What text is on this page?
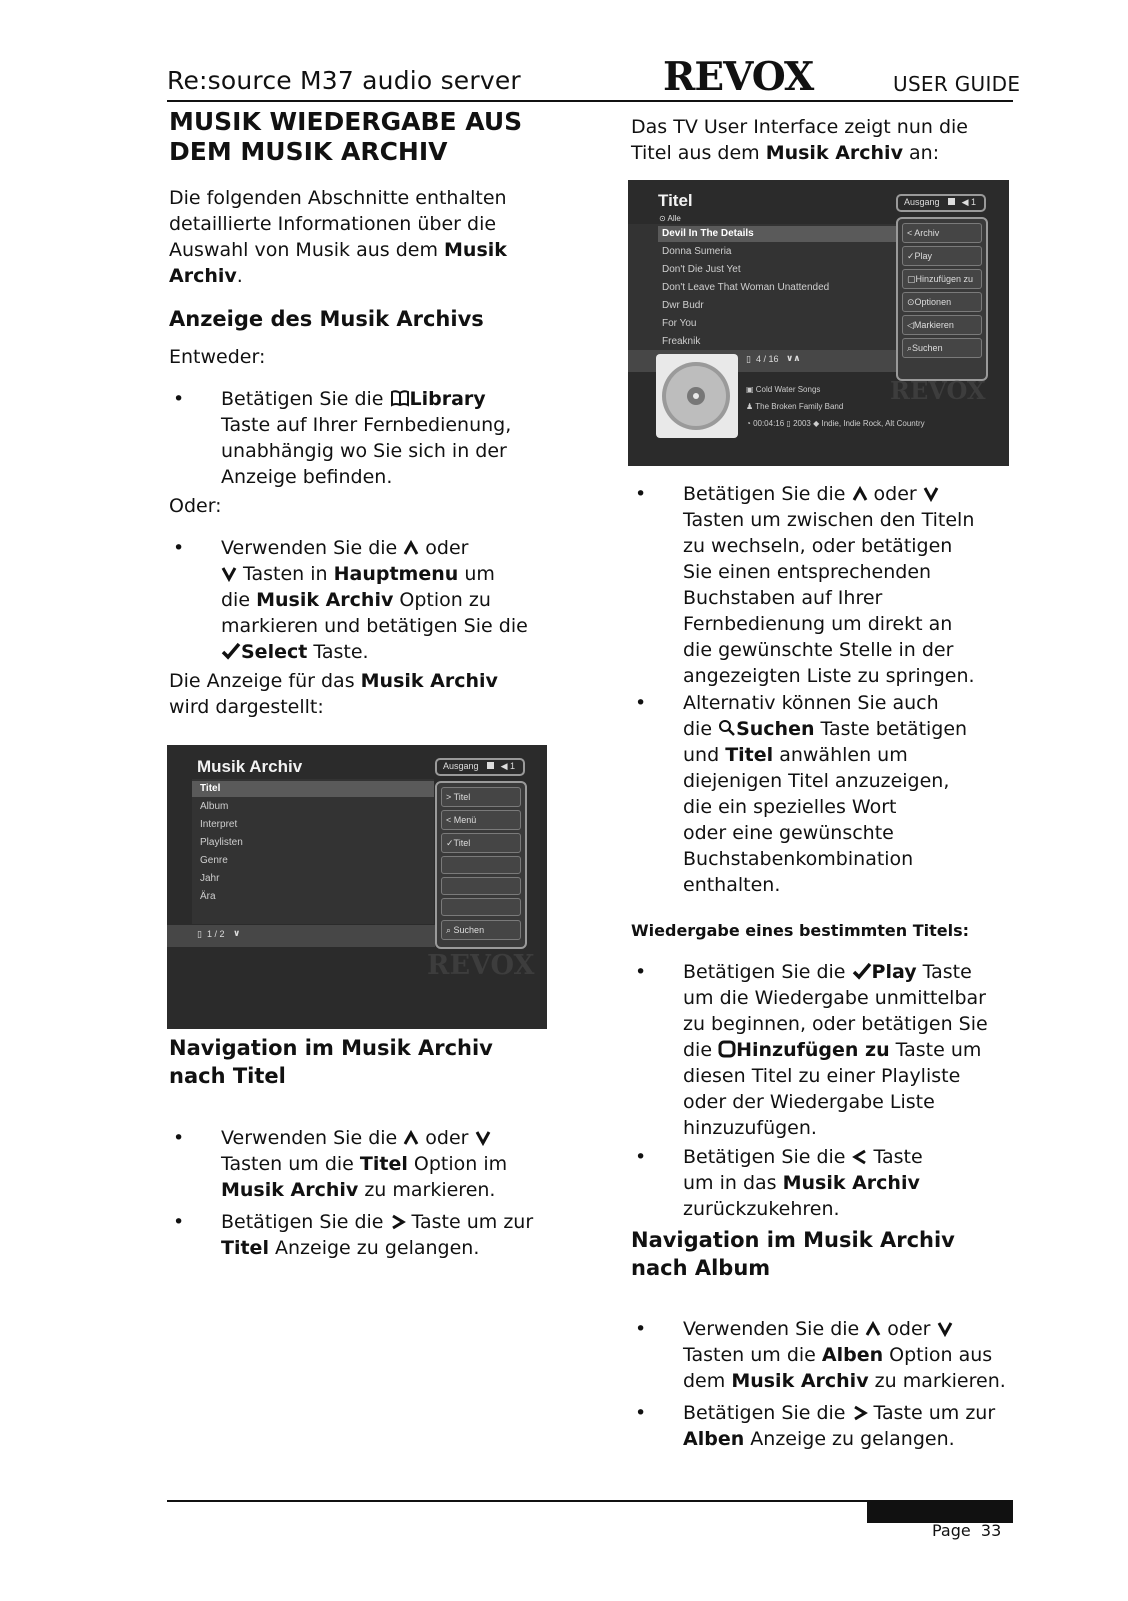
Re:source M37 audio server	REVOX	USER GUIDE
MUSIK WIEDERGABE AUS
DEM MUSIK ARCHIV
Die folgenden Abschnitte enthalten
detaillierte Informationen über die
Auswahl von Musik aus dem Musik
Archiv.
Anzeige des Musik Archivs
Entweder:
• Betätigen Sie die Library
Taste auf Ihrer Fernbedienung,
unabhängig wo Sie sich in der
Anzeige befinden.
Oder:
• Verwenden Sie die  oder
Tasten in Hauptmenu um
die Musik Archiv Option zu
markieren und betätigen Sie die
Select Taste.
Die Anzeige für das Musik Archiv
wird dargestellt:
Musik Archiv	Ausgang ◀ 1
Titel
Album
Interpret
Playlisten
Genre
Jahr
Ära
> Titel
< Menü
✓Titel
⌕ Suchen
▯ 1 / 2 ∨
REVOX
Navigation im Musik Archiv
nach Titel
• Verwenden Sie die  oder
Tasten um die Titel Option im
Musik Archiv zu markieren.
• Betätigen Sie die  Taste um zur
Titel Anzeige zu gelangen.
Das TV User Interface zeigt nun die
Titel aus dem Musik Archiv an:
Titel
⊙ Alle
Ausgang ◀ 1
Devil In The Details
Donna Sumeria
Don't Die Just Yet
Don't Leave That Woman Unattended
Dwr Budr
For You
Freaknik
< Archiv
✓Play
▢Hinzufügen zu
⊙Optionen
◁Markieren
⌕Suchen
▯ 4 / 16 ∨∧
▣ Cold Water Songs
♟ The Broken Family Band
◔ 00:04:16 ▯ 2003 ◆ Indie, Indie Rock, Alt Country
REVOX
• Betätigen Sie die  oder
Tasten um zwischen den Titeln
zu wechseln, oder betätigen
Sie einen entsprechenden
Buchstaben auf Ihrer
Fernbedienung um direkt an
die gewünschte Stelle in der
angezeigten Liste zu springen.
• Alternativ können Sie auch
die Suchen Taste betätigen
und Titel anwählen um
diejenigen Titel anzuzeigen,
die ein spezielles Wort
oder eine gewünschte
Buchstabenkombination
enthalten.
Wiedergabe eines bestimmten Titels:
• Betätigen Sie die Play Taste
um die Wiedergabe unmittelbar
zu beginnen, oder betätigen Sie
die Hinzufügen zu Taste um
diesen Titel zu einer Playliste
oder der Wiedergabe Liste
hinzuzufügen.
• Betätigen Sie die  Taste
um in das Musik Archiv
zurückzukehren.
Navigation im Musik Archiv
nach Album
• Verwenden Sie die  oder
Tasten um die Alben Option aus
dem Musik Archiv zu markieren.
• Betätigen Sie die  Taste um zur
Alben Anzeige zu gelangen.
Page  33
